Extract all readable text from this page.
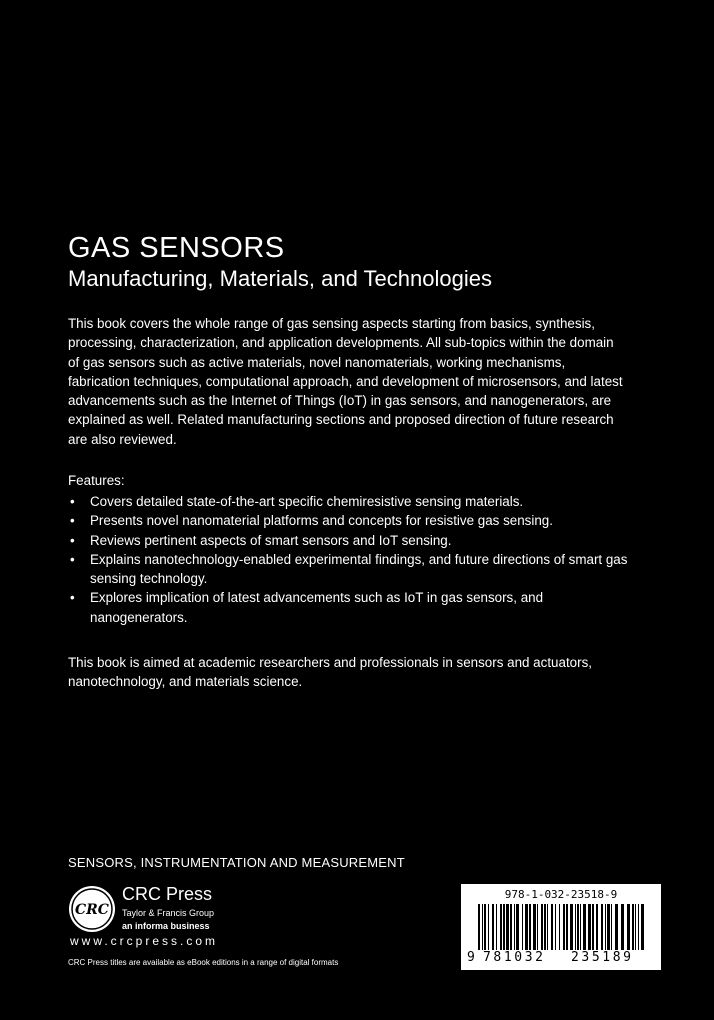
GAS SENSORS
Manufacturing, Materials, and Technologies

This book covers the whole range of gas sensing aspects starting from basics, synthesis, processing, characterization, and application developments. All sub-topics within the domain of gas sensors such as active materials, novel nanomaterials, working mechanisms, fabrication techniques, computational approach, and development of microsensors, and latest advancements such as the Internet of Things (IoT) in gas sensors, and nanogenerators, are explained as well. Related manufacturing sections and proposed direction of future research are also reviewed.

Features:

• Covers detailed state-of-the-art specific chemiresistive sensing materials.
• Presents novel nanomaterial platforms and concepts for resistive gas sensing.
• Reviews pertinent aspects of smart sensors and IoT sensing.
• Explains nanotechnology-enabled experimental findings, and future directions of smart gas sensing technology.
• Explores implication of latest advancements such as IoT in gas sensors, and nanogenerators.

This book is aimed at academic researchers and professionals in sensors and actuators, nanotechnology, and materials science.

SENSORS, INSTRUMENTATION AND MEASUREMENT

CRC
CRC Press
Taylor & Francis Group
an informa business
www.crcpress.com
CRC Press titles are available as eBook editions in a range of digital formats
978-1-032-23518-9
9 781032 235189
